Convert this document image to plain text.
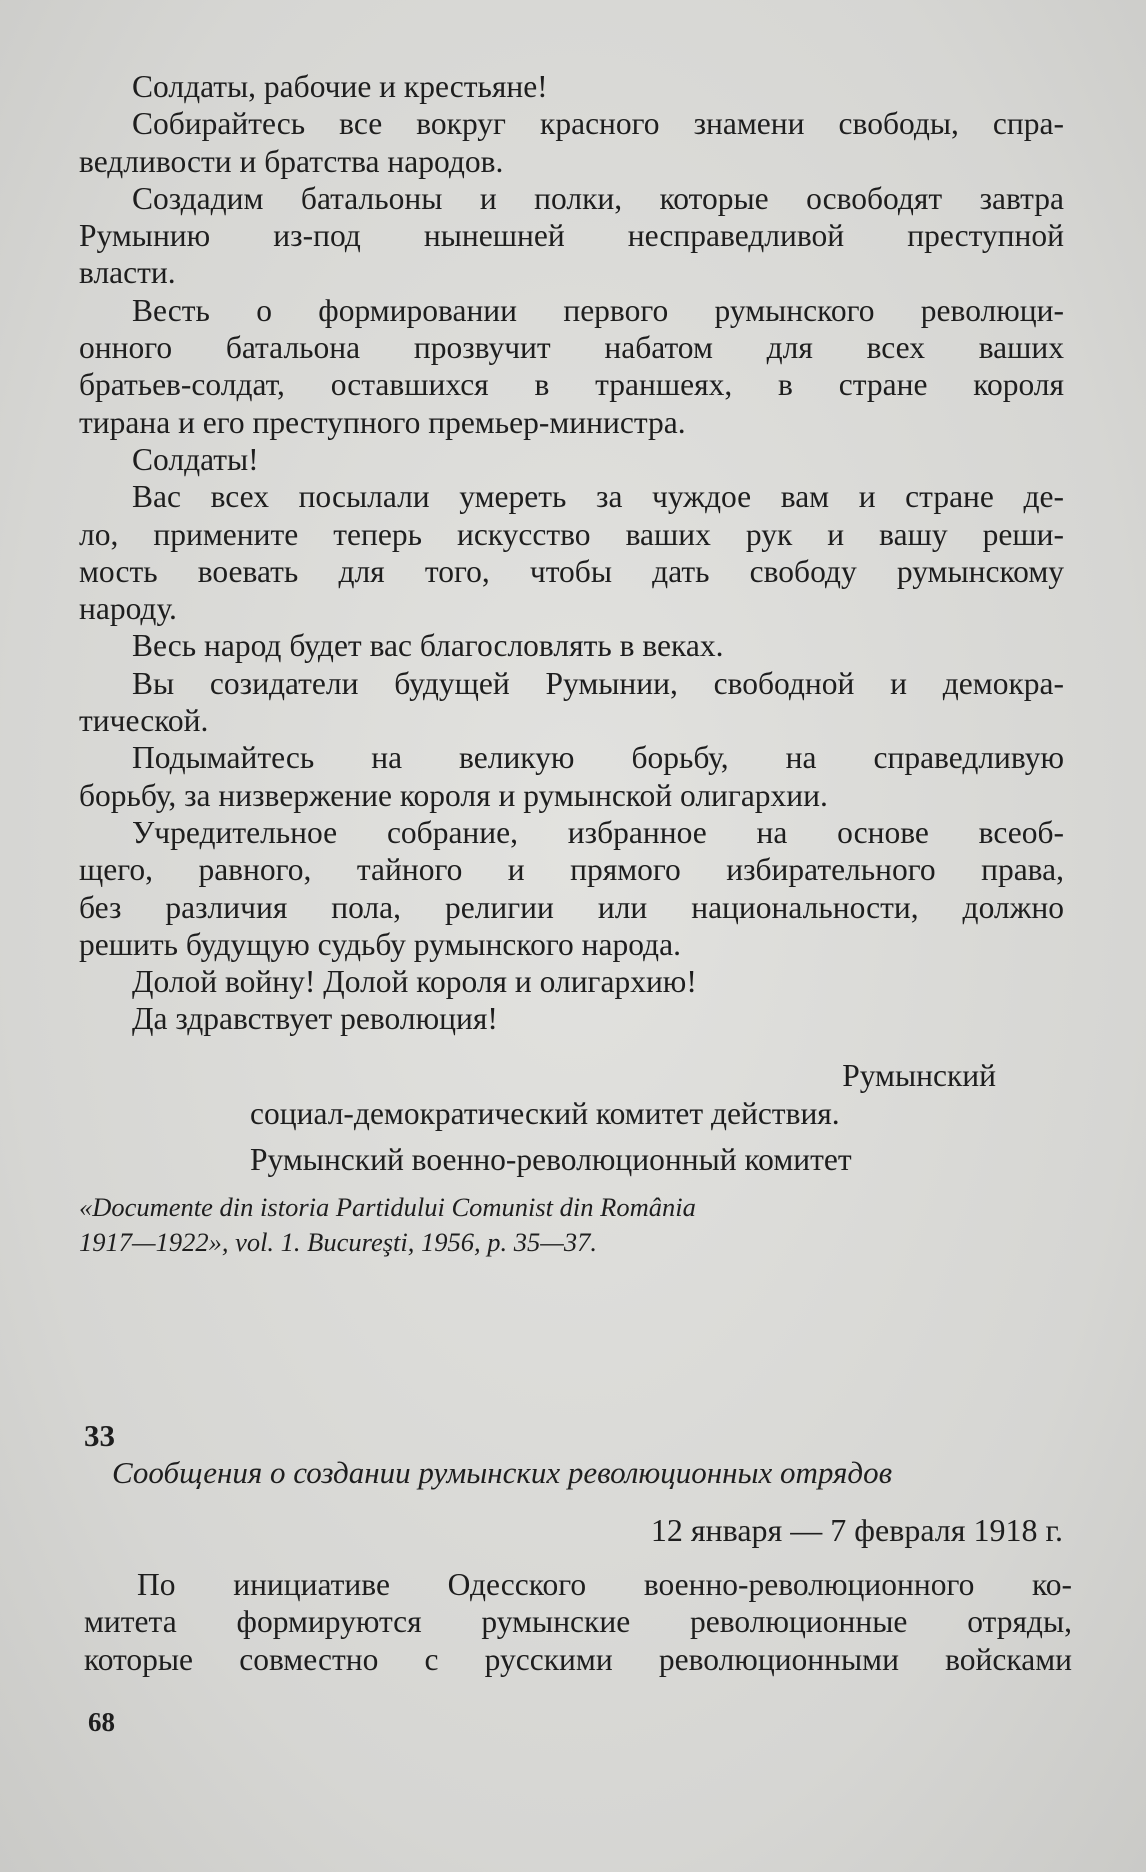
Солдаты, рабочие и крестьяне!
Собирайтесь все вокруг красного знамени свободы, спра-
ведливости и братства народов.
Создадим батальоны и полки, которые освободят завтра
Румынию из-под нынешней несправедливой преступной
власти.
Весть о формировании первого румынского революци-
онного батальона прозвучит набатом для всех ваших
братьев-солдат, оставшихся в траншеях, в стране короля
тирана и его преступного премьер-министра.
Солдаты!
Вас всех посылали умереть за чуждое вам и стране де-
ло, примените теперь искусство ваших рук и вашу реши-
мость воевать для того, чтобы дать свободу румынскому
народу.
Весь народ будет вас благословлять в веках.
Вы созидатели будущей Румынии, свободной и демокра-
тической.
Подымайтесь на великую борьбу, на справедливую
борьбу, за низвержение короля и румынской олигархии.
Учредительное собрание, избранное на основе всеоб-
щего, равного, тайного и прямого избирательного права,
без различия пола, религии или национальности, должно
решить будущую судьбу румынского народа.
Долой войну! Долой короля и олигархию!
Да здравствует революция!
Румынский
социал-демократический комитет действия.
Румынский военно-революционный комитет
«Documente din istoria Partidului Comunist din România
1917—1922», vol. 1. Bucureşti, 1956, p. 35—37.
33
Сообщения о создании румынских революционных отрядов
12 января — 7 февраля 1918 г.
По инициативе Одесского военно-революционного ко-
митета формируются румынские революционные отряды,
которые совместно с русскими революционными войсками
68
